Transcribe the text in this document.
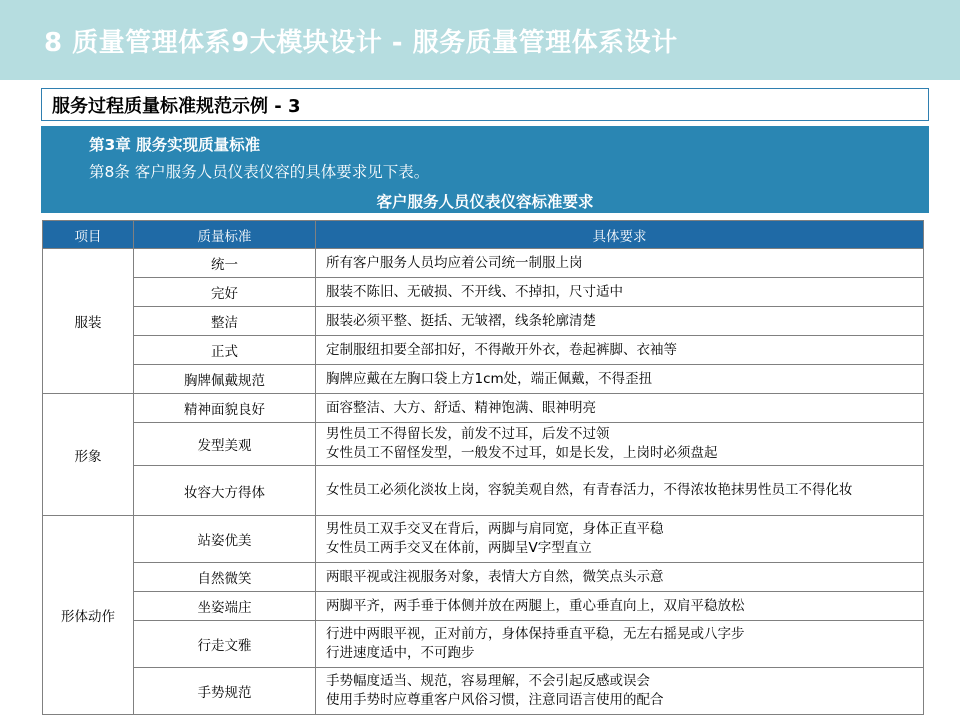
8 质量管理体系9大模块设计 - 服务质量管理体系设计
服务过程质量标准规范示例 - 3
第3章 服务实现质量标准
第8条 客户服务人员仪表仪容的具体要求见下表。
客户服务人员仪表仪容标准要求
项目	质量标准	具体要求
服装	统一	所有客户服务人员均应着公司统一制服上岗

	完好	服装不陈旧、无破损、不开线、不掉扣，尺寸适中

	整洁	服装必须平整、挺括、无皱褶，线条轮廓清楚

	正式	定制服纽扣要全部扣好，不得敞开外衣，卷起裤脚、衣袖等

	胸牌佩戴规范	胸牌应戴在左胸口袋上方1cm处，端正佩戴，不得歪扭

形象	精神面貌良好	面容整洁、大方、舒适、精神饱满、眼神明亮

	发型美观	男性员工不得留长发，前发不过耳，后发不过领
女性员工不留怪发型，一般发不过耳，如是长发，上岗时必须盘起

	妆容大方得体	女性员工必须化淡妆上岗，容貌美观自然，有青春活力，不得浓妆艳抹男性员工不得化妆

形体动作	站姿优美	男性员工双手交叉在背后，两脚与肩同宽，身体正直平稳
女性员工两手交叉在体前，两脚呈V字型直立

	自然微笑	两眼平视或注视服务对象，表情大方自然，微笑点头示意

	坐姿端庄	两脚平齐，两手垂于体侧并放在两腿上，重心垂直向上，双肩平稳放松

	行走文雅	行进中两眼平视，正对前方，身体保持垂直平稳，无左右摇晃或八字步
行进速度适中，不可跑步

	手势规范	手势幅度适当、规范，容易理解，不会引起反感或误会
使用手势时应尊重客户风俗习惯，注意同语言使用的配合
